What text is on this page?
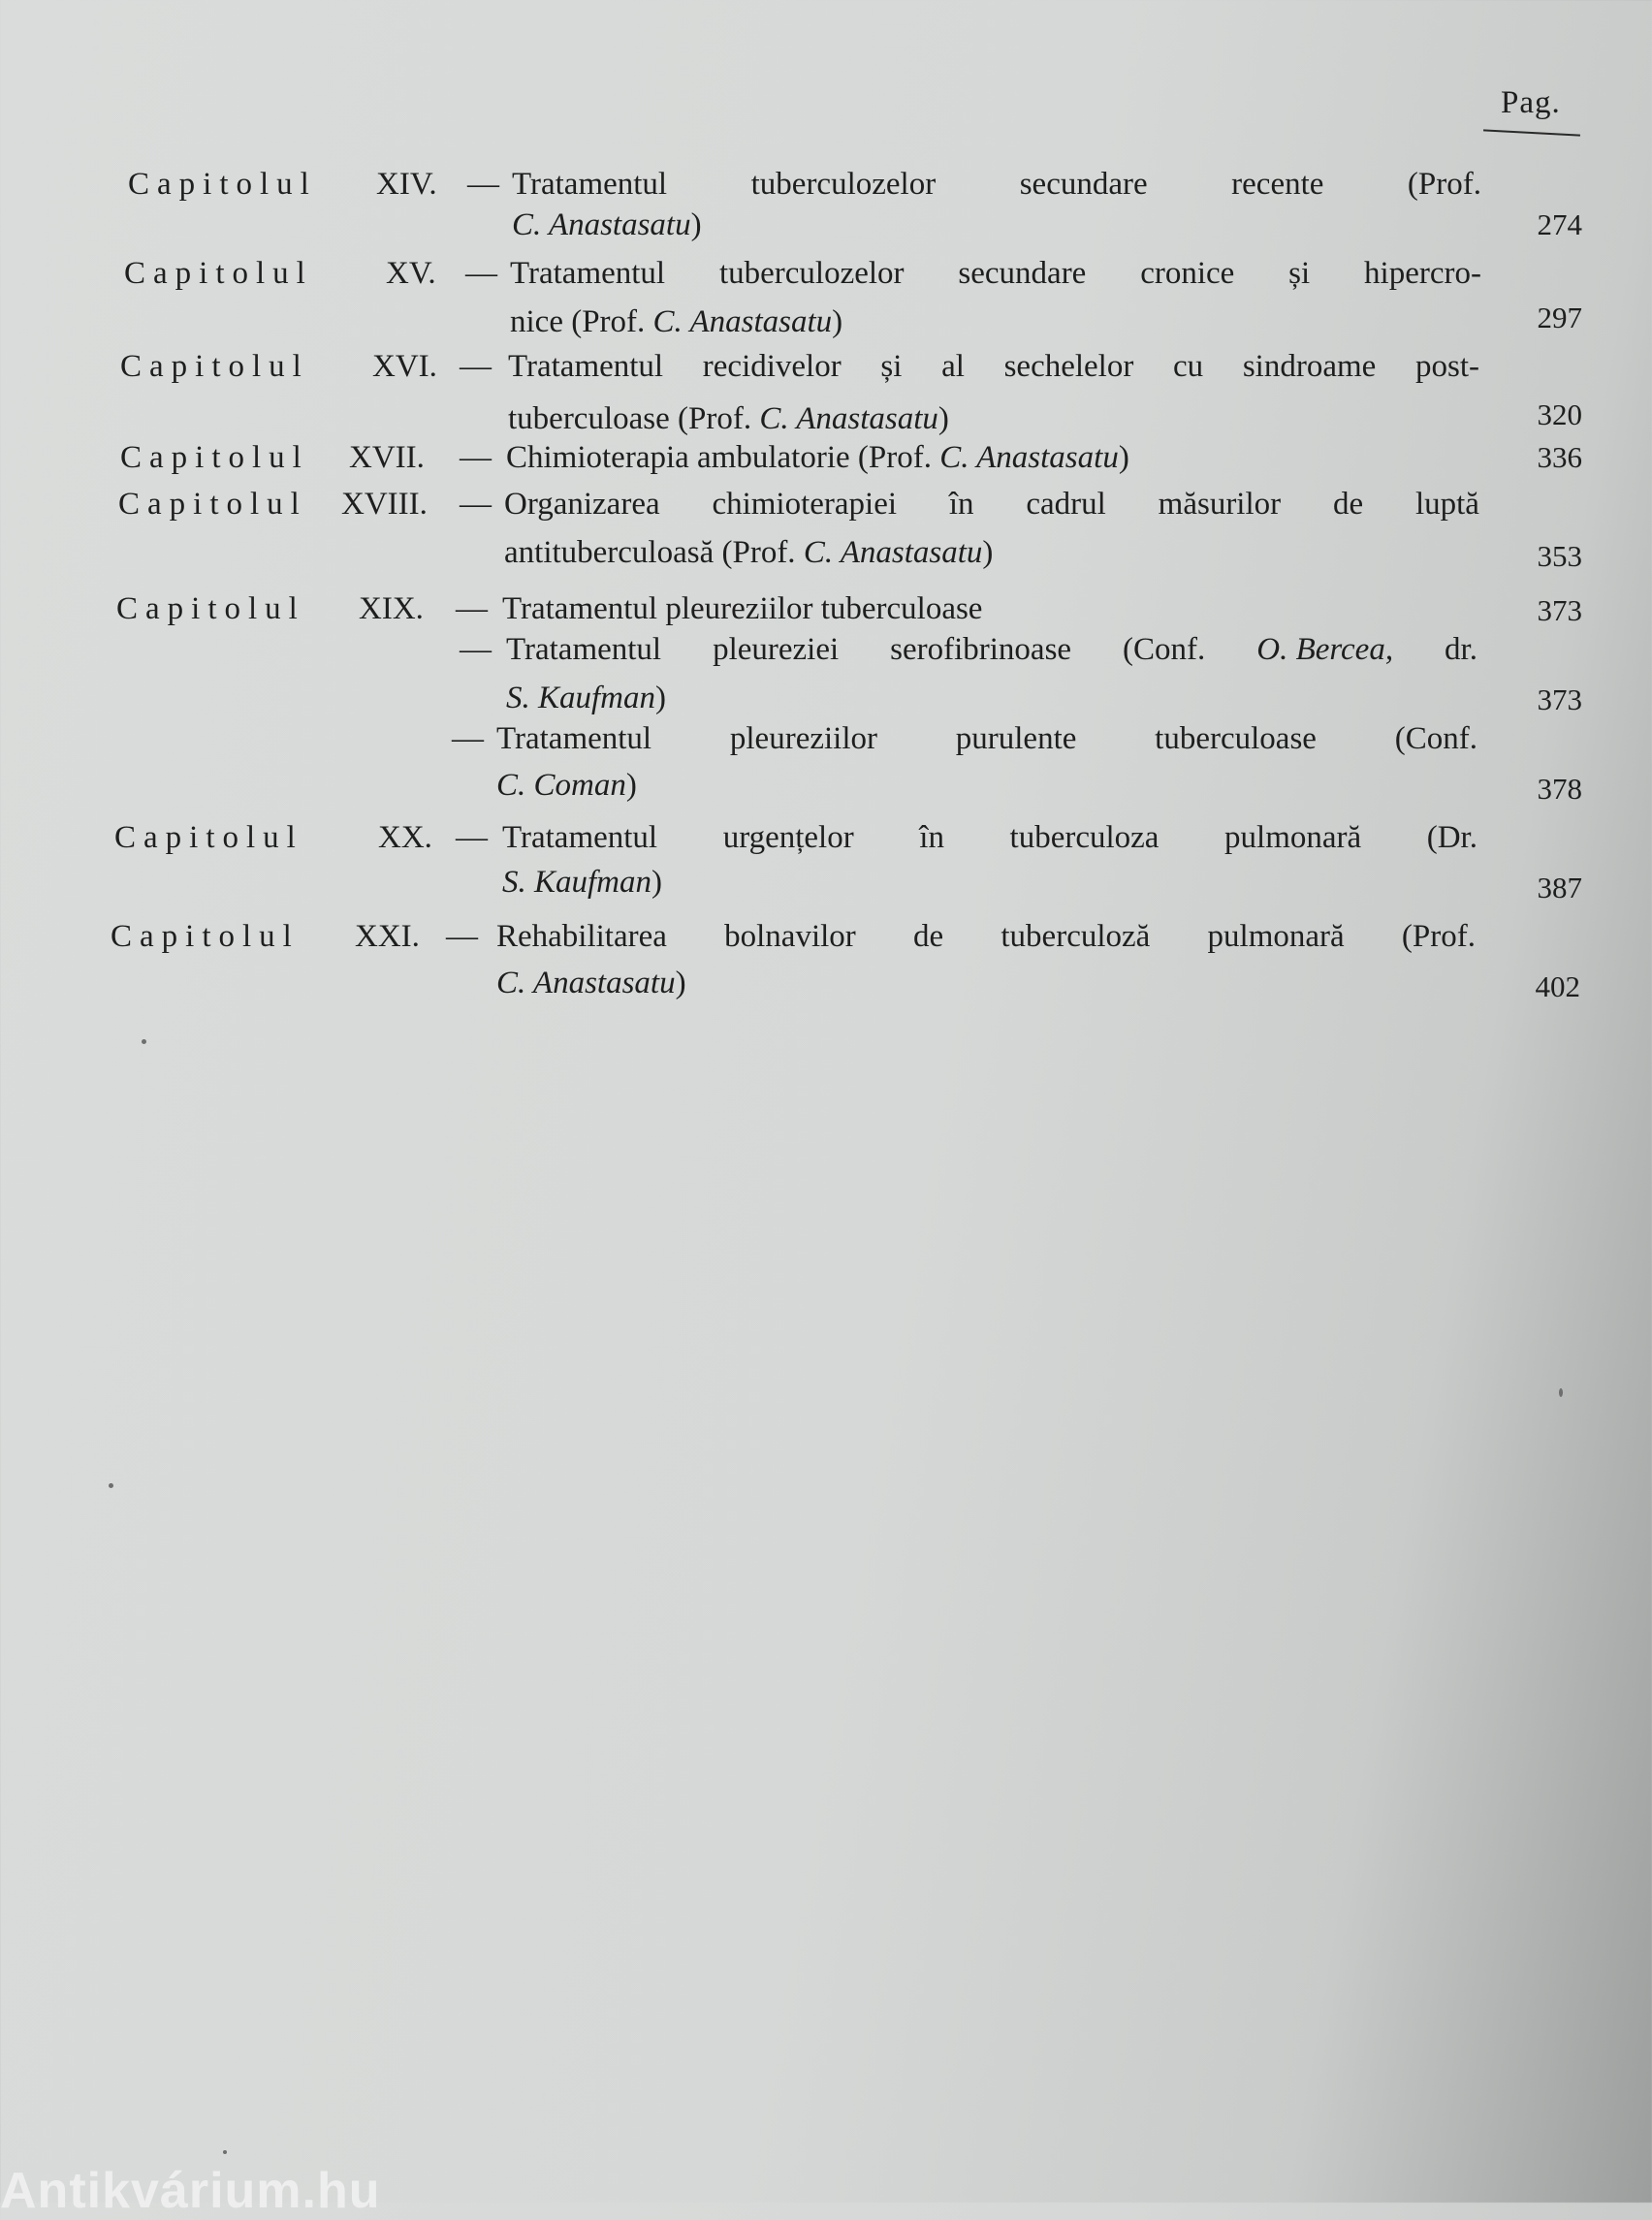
Pag.
Capitolul XIV. — Tratamentul	tuberculozelor	secundare	recente	(Prof.
C. Anastasatu)	274
Capitolul XV. — Tratamentul tuberculozelor secundare cronice și hipercro-
nice (Prof. C. Anastasatu)	297
Capitolul XVI. — Tratamentul recidivelor și al sechelelor cu sindroame post-
tuberculoase (Prof. C. Anastasatu)	320
Capitolul XVII. — Chimioterapia ambulatorie (Prof. C. Anastasatu)	336
Capitolul XVIII. — Organizarea chimioterapiei în cadrul măsurilor de luptă
antituberculoasă (Prof. C. Anastasatu)	353
Capitolul XIX. — Tratamentul pleureziilor tuberculoase	373
— Tratamentul pleureziei serofibrinoase (Conf. O. Bercea, dr.
S. Kaufman)	373
— Tratamentul pleureziilor purulente tuberculoase (Conf.
C. Coman)	378
Capitolul XX. — Tratamentul urgențelor în tuberculoza pulmonară (Dr.
S. Kaufman)	387
Capitolul XXI. — Rehabilitarea bolnavilor de tuberculoză pulmonară (Prof.
C. Anastasatu)	402
Antikvárium.hu
